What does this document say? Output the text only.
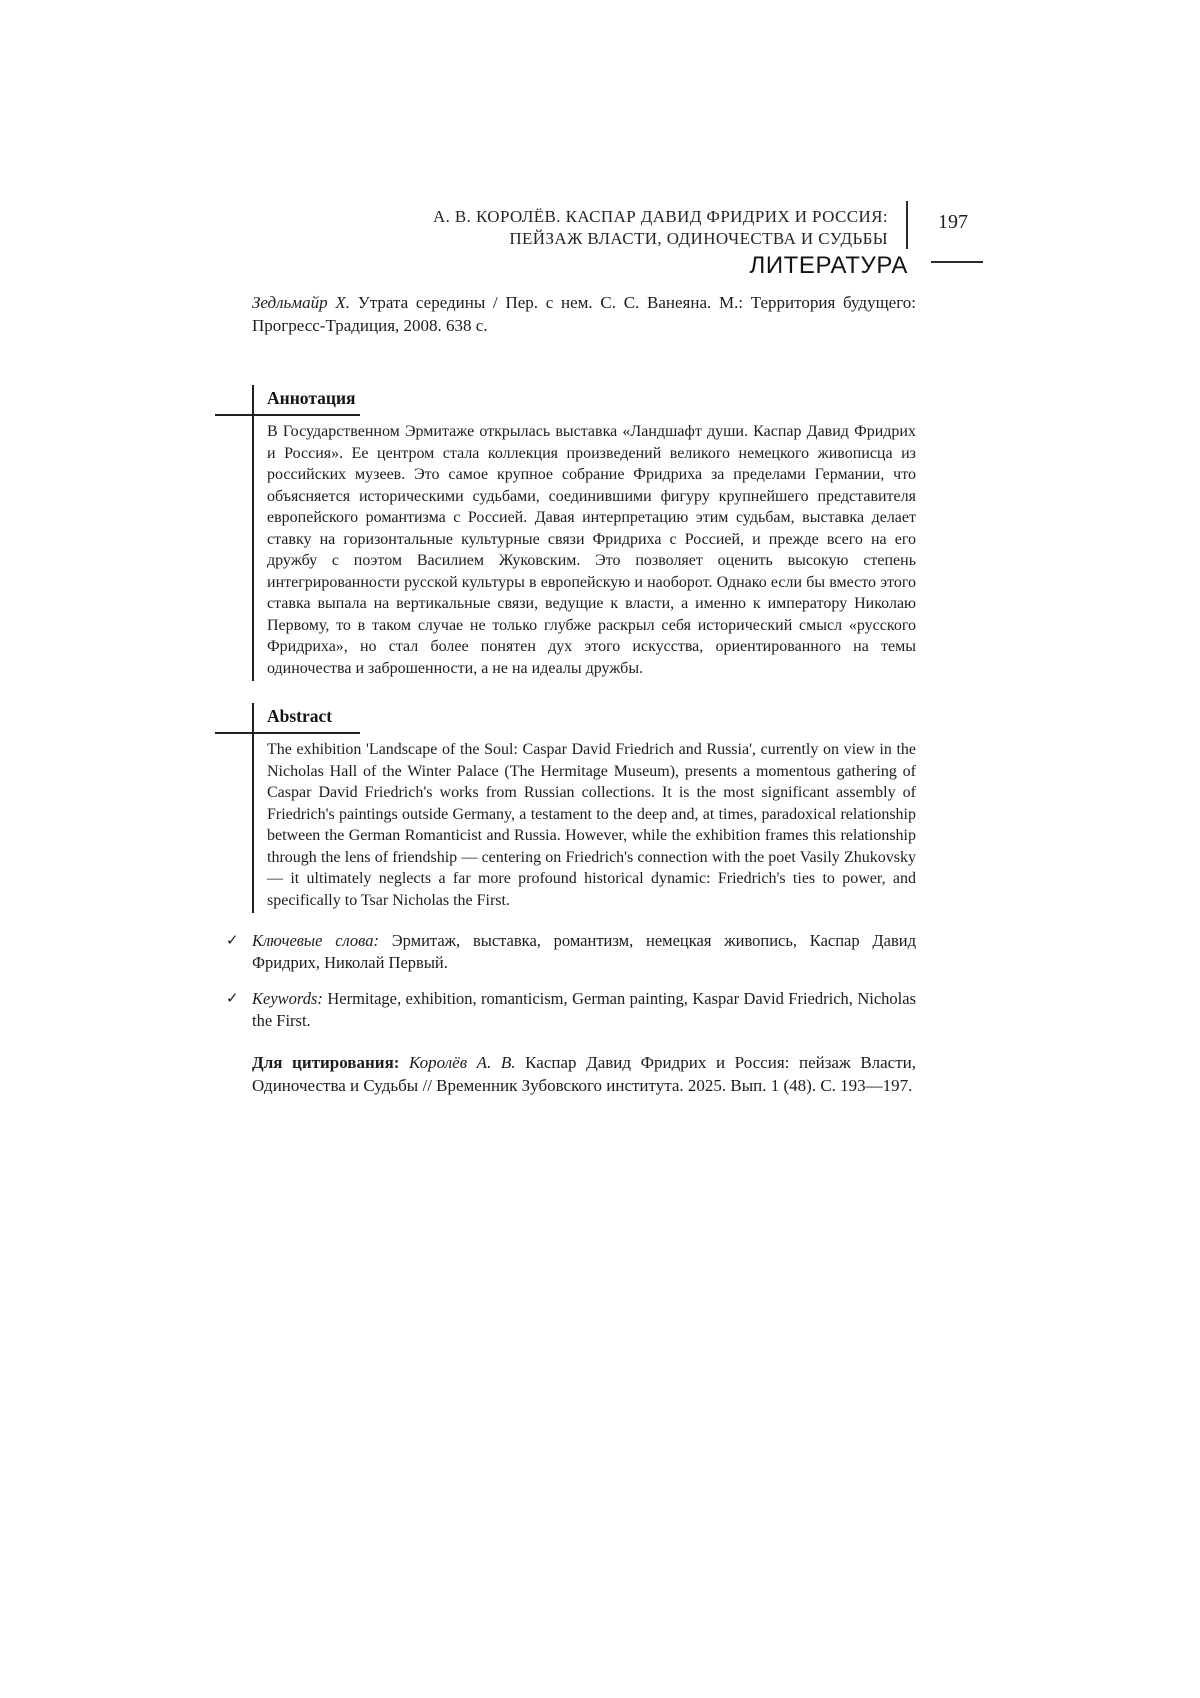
А. В. КОРОЛЁВ. КАСПАР ДАВИД ФРИДРИХ И РОССИЯ:
ПЕЙЗАЖ ВЛАСТИ, ОДИНОЧЕСТВА И СУДЬБЫ
197
ЛИТЕРАТУРА

Зедльмайр Х. Утрата середины / Пер. с нем. С. С. Ванеяна. М.: Территория будущего: Прогресс-Традиция, 2008. 638 с.

Аннотация

В Государственном Эрмитаже открылась выставка «Ландшафт души. Каспар Давид Фридрих и Россия». Ее центром стала коллекция произведений великого немецкого живописца из российских музеев. Это самое крупное собрание Фридриха за пределами Германии, что объясняется историческими судьбами, соединившими фигуру крупнейшего представителя европейского романтизма с Россией. Давая интерпретацию этим судьбам, выставка делает ставку на горизонтальные культурные связи Фридриха с Россией, и прежде всего на его дружбу с поэтом Василием Жуковским. Это позволяет оценить высокую степень интегрированности русской культуры в европейскую и наоборот. Однако если бы вместо этого ставка выпала на вертикальные связи, ведущие к власти, а именно к императору Николаю Первому, то в таком случае не только глубже раскрыл себя исторический смысл «русского Фридриха», но стал более понятен дух этого искусства, ориентированного на темы одиночества и заброшенности, а не на идеалы дружбы.

Abstract

The exhibition 'Landscape of the Soul: Caspar David Friedrich and Russia', currently on view in the Nicholas Hall of the Winter Palace (The Hermitage Museum), presents a momentous gathering of Caspar David Friedrich's works from Russian collections. It is the most significant assembly of Friedrich's paintings outside Germany, a testament to the deep and, at times, paradoxical relationship between the German Romanticist and Russia. However, while the exhibition frames this relationship through the lens of friendship — centering on Friedrich's connection with the poet Vasily Zhukovsky — it ultimately neglects a far more profound historical dynamic: Friedrich's ties to power, and specifically to Tsar Nicholas the First.

✓ Ключевые слова: Эрмитаж, выставка, романтизм, немецкая живопись, Каспар Давид Фридрих, Николай Первый.
✓ Keywords: Hermitage, exhibition, romanticism, German painting, Kaspar David Friedrich, Nicholas the First.

Для цитирования: Королёв А. В. Каспар Давид Фридрих и Россия: пейзаж Власти, Одиночества и Судьбы // Временник Зубовского института. 2025. Вып. 1 (48). С. 193—197.
